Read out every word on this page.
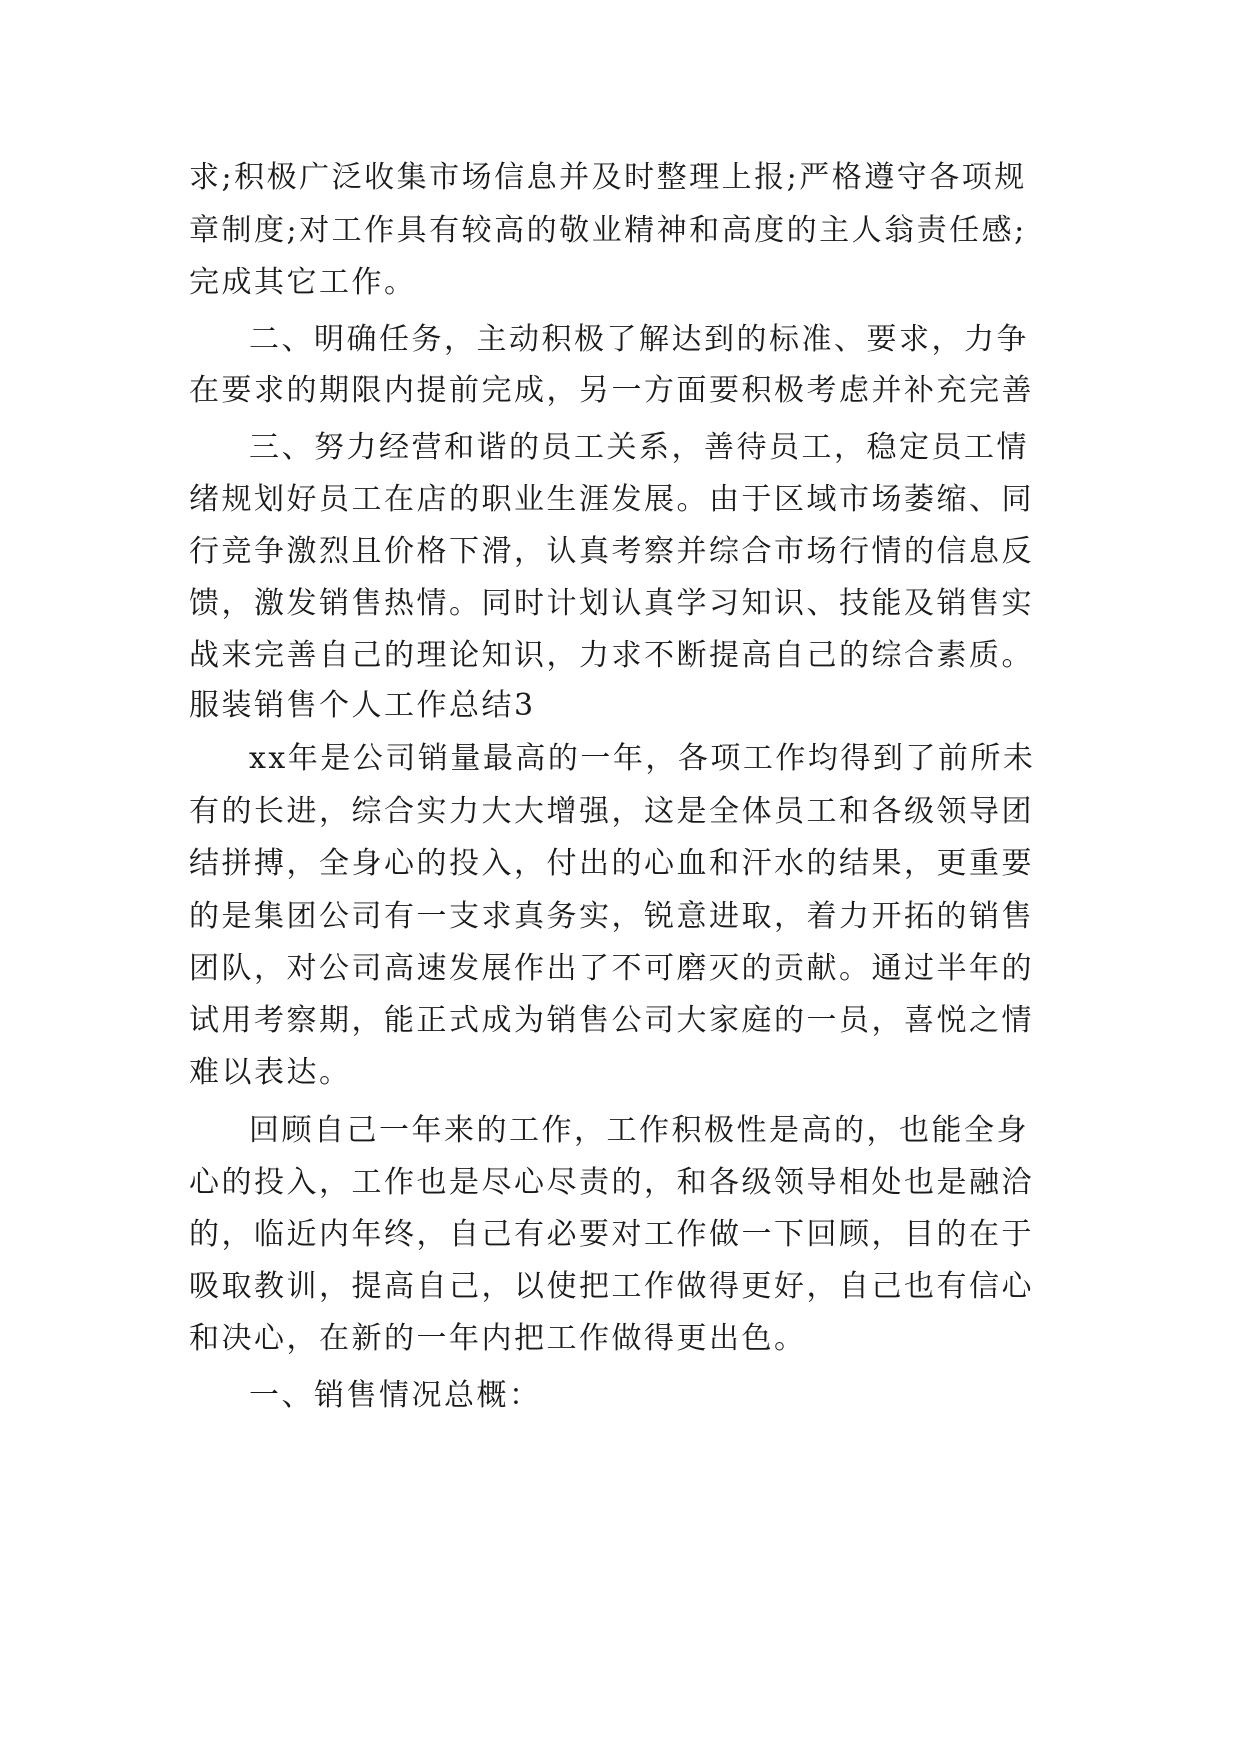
求;积极广泛收集市场信息并及时整理上报;严格遵守各项规
章制度;对工作具有较高的敬业精神和高度的主人翁责任感;
完成其它工作。
二、明确任务，主动积极了解达到的标准、要求，力争
在要求的期限内提前完成，另一方面要积极考虑并补充完善
三、努力经营和谐的员工关系，善待员工，稳定员工情
绪规划好员工在店的职业生涯发展。由于区域市场萎缩、同
行竞争激烈且价格下滑，认真考察并综合市场行情的信息反
馈，激发销售热情。同时计划认真学习知识、技能及销售实
战来完善自己的理论知识，力求不断提高自己的综合素质。
服装销售个人工作总结3
xx年是公司销量最高的一年，各项工作均得到了前所未
有的长进，综合实力大大增强，这是全体员工和各级领导团
结拼搏，全身心的投入，付出的心血和汗水的结果，更重要
的是集团公司有一支求真务实，锐意进取，着力开拓的销售
团队，对公司高速发展作出了不可磨灭的贡献。通过半年的
试用考察期，能正式成为销售公司大家庭的一员，喜悦之情
难以表达。
回顾自己一年来的工作，工作积极性是高的，也能全身
心的投入，工作也是尽心尽责的，和各级领导相处也是融洽
的，临近内年终，自己有必要对工作做一下回顾，目的在于
吸取教训，提高自己，以使把工作做得更好，自己也有信心
和决心，在新的一年内把工作做得更出色。
一、销售情况总概：
